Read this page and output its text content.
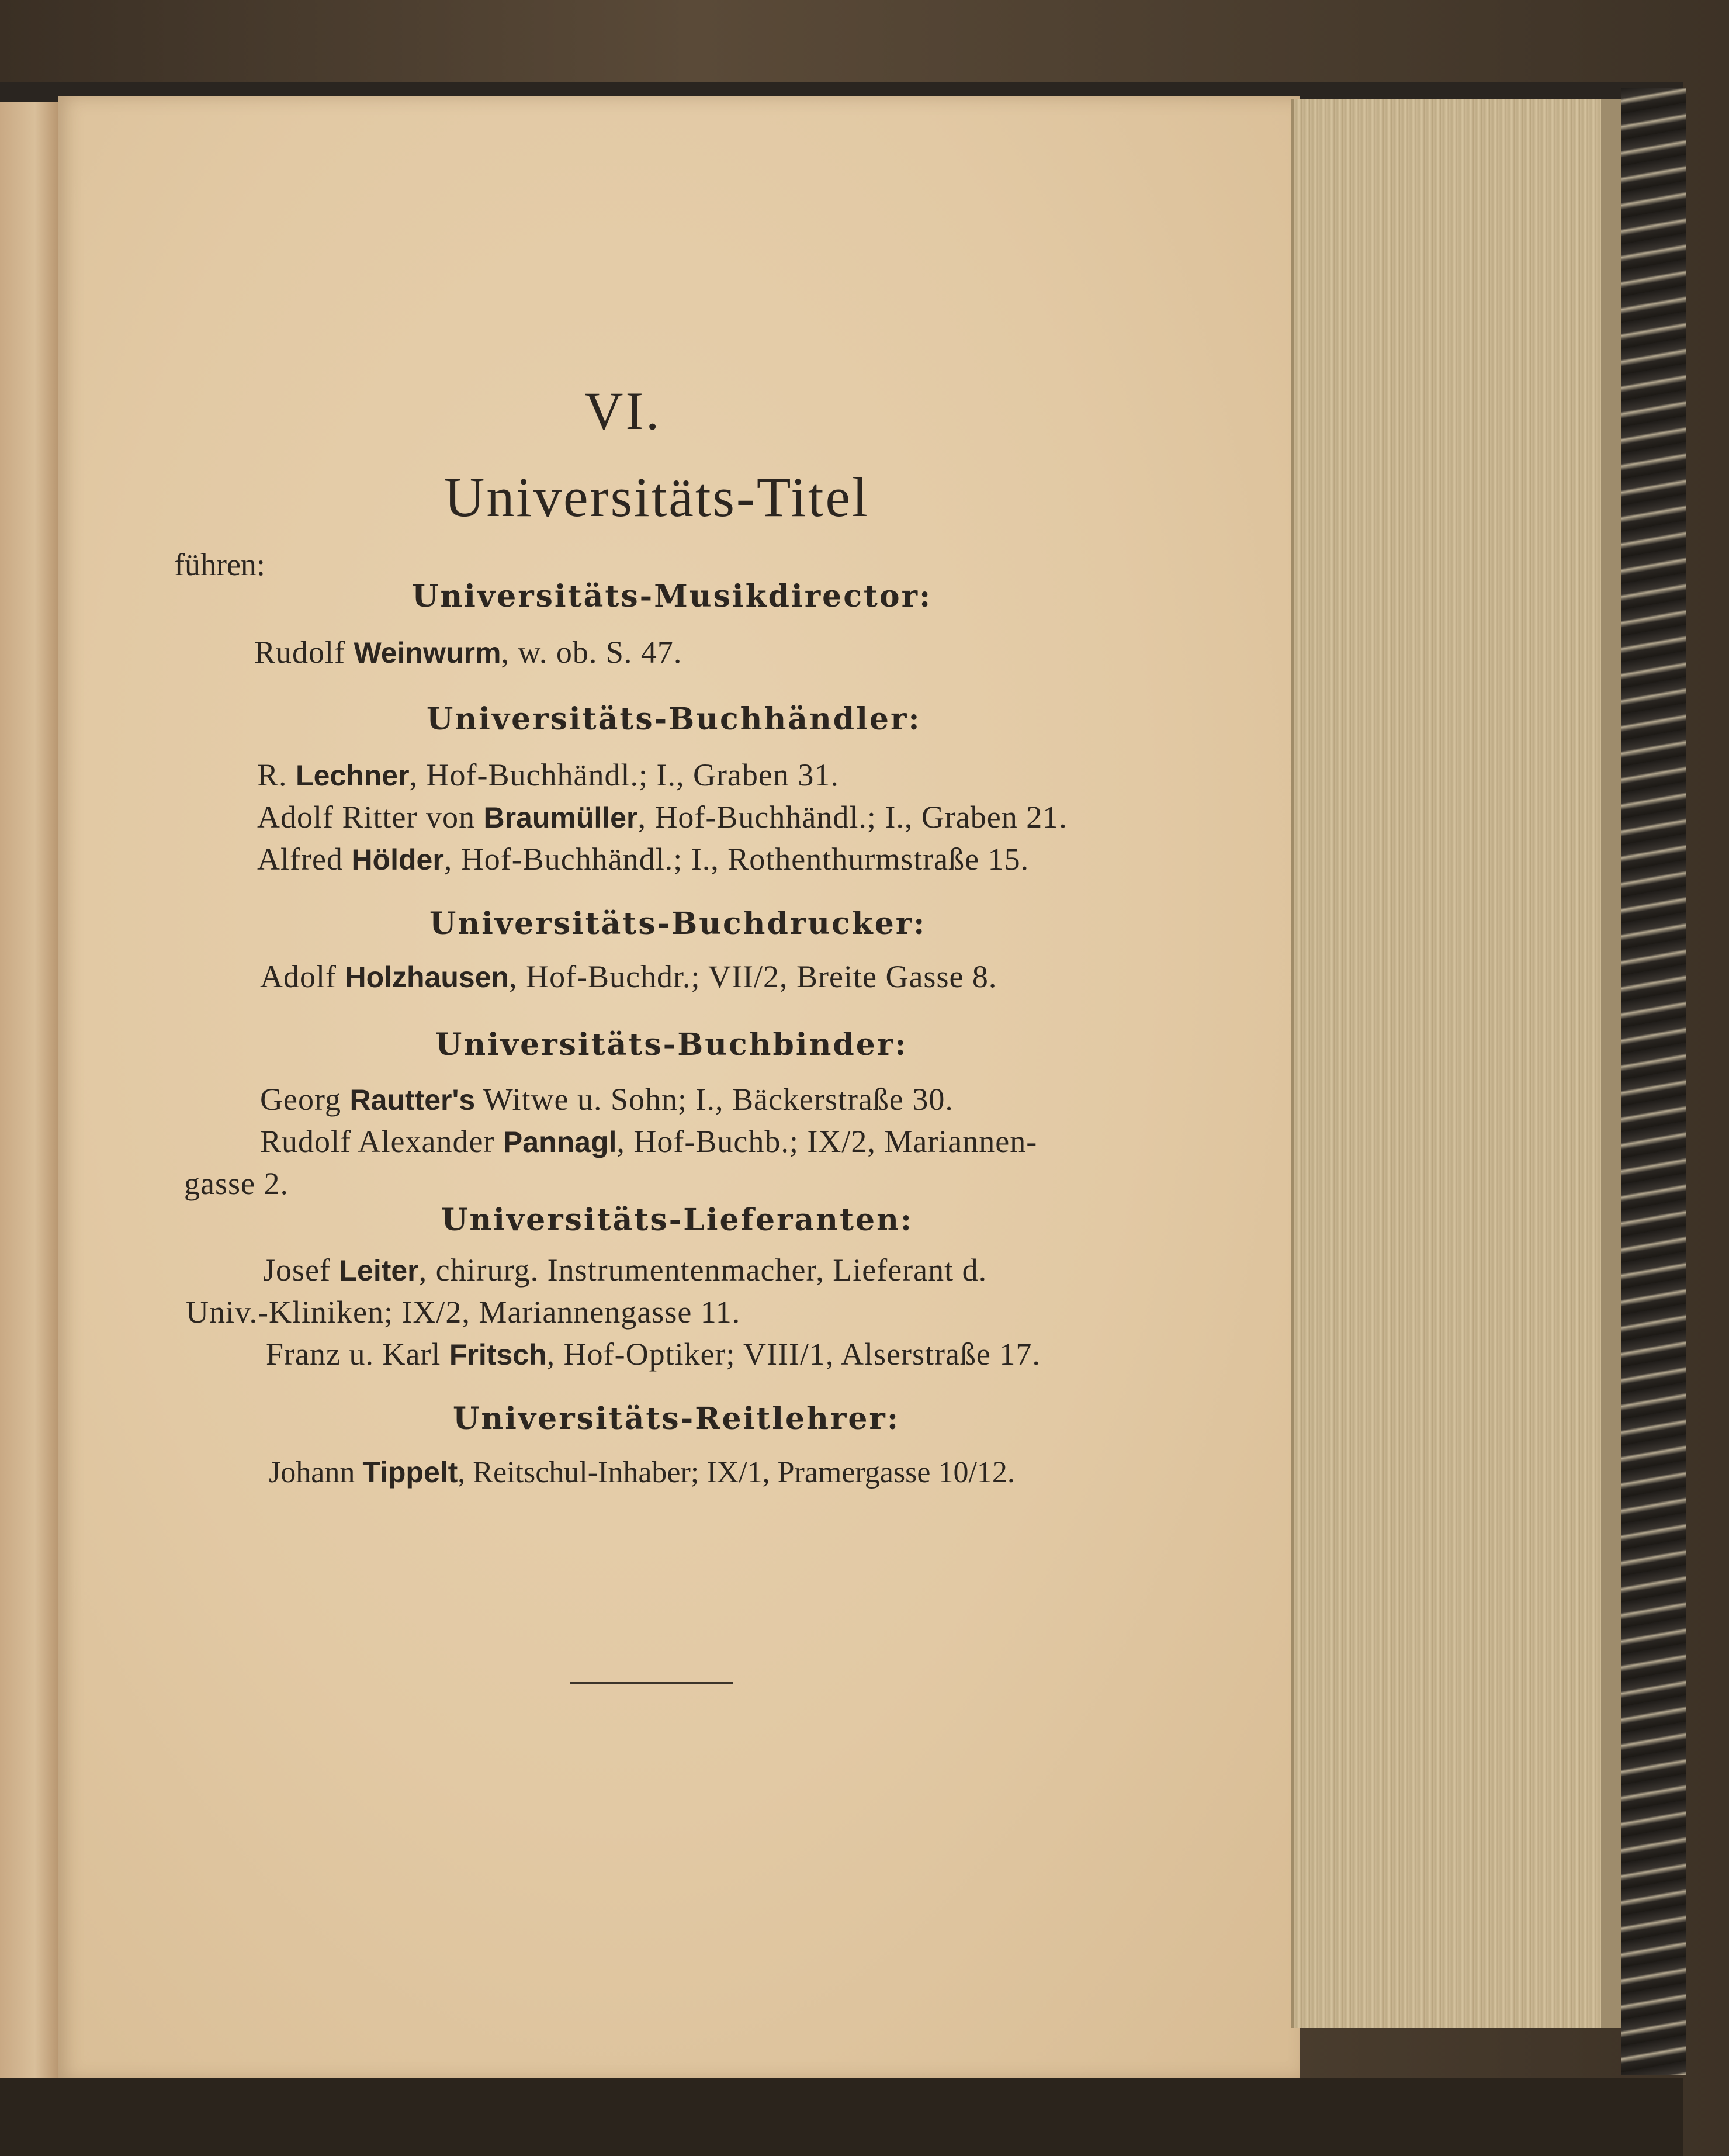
VI.
Universitäts-Titel
führen:
Universitäts-Musikdirector:
Rudolf Weinwurm, w. ob. S. 47.
Universitäts-Buchhändler:
R. Lechner, Hof-Buchhändl.; I., Graben 31.
Adolf Ritter von Braumüller, Hof-Buchhändl.; I., Graben 21.
Alfred Hölder, Hof-Buchhändl.; I., Rothenthurmstraße 15.
Universitäts-Buchdrucker:
Adolf Holzhausen, Hof-Buchdr.; VII/2, Breite Gasse 8.
Universitäts-Buchbinder:
Georg Rautter's Witwe u. Sohn; I., Bäckerstraße 30.
Rudolf Alexander Pannagl, Hof-Buchb.; IX/2, Mariannen-
gasse 2.
Universitäts-Lieferanten:
Josef Leiter, chirurg. Instrumentenmacher, Lieferant d.
Univ.-Kliniken; IX/2, Mariannengasse 11.
Franz u. Karl Fritsch, Hof-Optiker; VIII/1, Alserstraße 17.
Universitäts-Reitlehrer:
Johann Tippelt, Reitschul-Inhaber; IX/1, Pramergasse 10/12.
